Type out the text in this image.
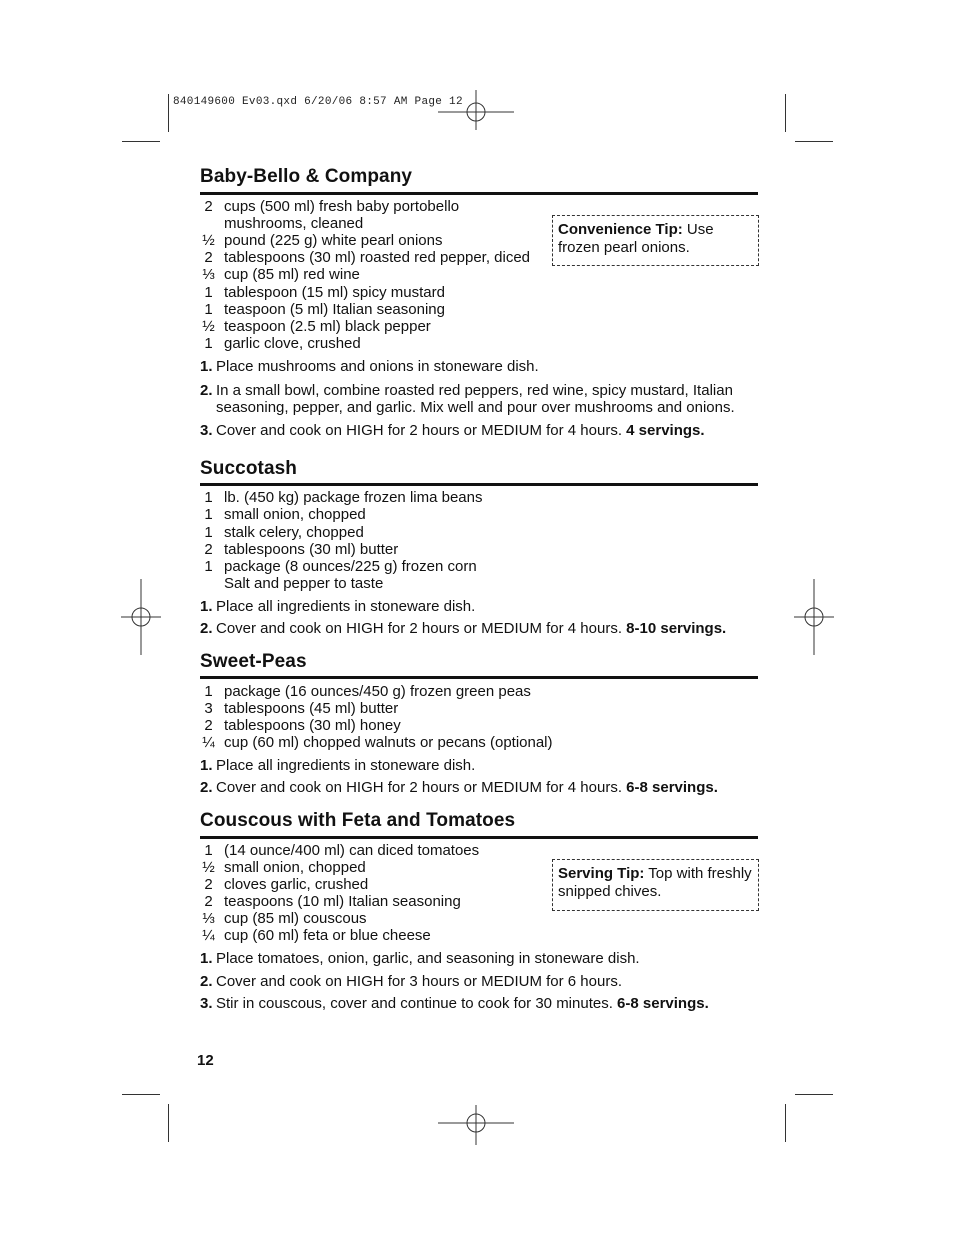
840149600 Ev03.qxd 6/20/06 8:57 AM Page 12
Baby-Bello & Company
2 cups (500 ml) fresh baby portobello
mushrooms, cleaned
½ pound (225 g) white pearl onions
2 tablespoons (30 ml) roasted red pepper, diced
⅓ cup (85 ml) red wine
1 tablespoon (15 ml) spicy mustard
1 teaspoon (5 ml) Italian seasoning
½ teaspoon (2.5 ml) black pepper
1 garlic clove, crushed
Convenience Tip: Use frozen pearl onions.
1. Place mushrooms and onions in stoneware dish.
2. In a small bowl, combine roasted red peppers, red wine, spicy mustard, Italian seasoning, pepper, and garlic. Mix well and pour over mushrooms and onions.
3. Cover and cook on HIGH for 2 hours or MEDIUM for 4 hours. 4 servings.
Succotash
1 lb. (450 kg) package frozen lima beans
1 small onion, chopped
1 stalk celery, chopped
2 tablespoons (30 ml) butter
1 package (8 ounces/225 g) frozen corn
Salt and pepper to taste
1. Place all ingredients in stoneware dish.
2. Cover and cook on HIGH for 2 hours or MEDIUM for 4 hours. 8-10 servings.
Sweet-Peas
1 package (16 ounces/450 g) frozen green peas
3 tablespoons (45 ml) butter
2 tablespoons (30 ml) honey
¼ cup (60 ml) chopped walnuts or pecans (optional)
1. Place all ingredients in stoneware dish.
2. Cover and cook on HIGH for 2 hours or MEDIUM for 4 hours. 6-8 servings.
Couscous with Feta and Tomatoes
1 (14 ounce/400 ml) can diced tomatoes
½ small onion, chopped
2 cloves garlic, crushed
2 teaspoons (10 ml) Italian seasoning
⅓ cup (85 ml) couscous
¼ cup (60 ml) feta or blue cheese
Serving Tip: Top with freshly snipped chives.
1. Place tomatoes, onion, garlic, and seasoning in stoneware dish.
2. Cover and cook on HIGH for 3 hours or MEDIUM for 6 hours.
3. Stir in couscous, cover and continue to cook for 30 minutes. 6-8 servings.
12
